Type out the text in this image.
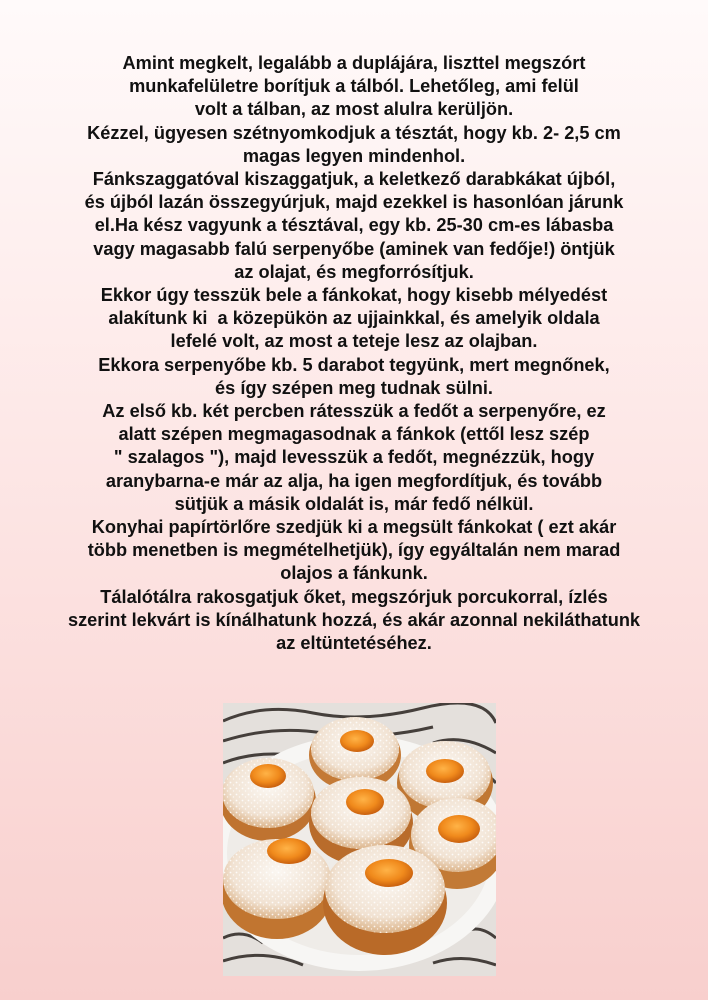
Amint megkelt, legalább a duplájára, liszttel megszórt
munkafelületre borítjuk a tálból. Lehetőleg, ami felül
volt a tálban, az most alulra kerüljön.
Kézzel, ügyesen szétnyomkodjuk a tésztát, hogy kb. 2- 2,5 cm
magas legyen mindenhol.
Fánkszaggatóval kiszaggatjuk, a keletkező darabkákat újból,
és újból lazán összegyúrjuk, majd ezekkel is hasonlóan járunk
el.Ha kész vagyunk a tésztával, egy kb. 25-30 cm-es lábasba
vagy magasabb falú serpenyőbe (aminek van fedője!) öntjük
az olajat, és megforrósítjuk.
Ekkor úgy tesszük bele a fánkokat, hogy kisebb mélyedést
alakítunk ki  a közepükön az ujjainkkal, és amelyik oldala
lefelé volt, az most a teteje lesz az olajban.
Ekkora serpenyőbe kb. 5 darabot tegyünk, mert megnőnek,
és így szépen meg tudnak sülni.
Az első kb. két percben rátesszük a fedőt a serpenyőre, ez
alatt szépen megmagasodnak a fánkok (ettől lesz szép
" szalagos "), majd levesszük a fedőt, megnézzük, hogy
aranybarna-e már az alja, ha igen megfordítjuk, és tovább
sütjük a másik oldalát is, már fedő nélkül.
Konyhai papírtörlőre szedjük ki a megsült fánkokat ( ezt akár
több menetben is megmételhetjük), így egyáltalán nem marad
olajos a fánkunk.
Tálalótálra rakosgatjuk őket, megszórjuk porcukorral, ízlés
szerint lekvárt is kínálhatunk hozzá, és akár azonnal nekiláthatunk
az eltüntetéséhez.
